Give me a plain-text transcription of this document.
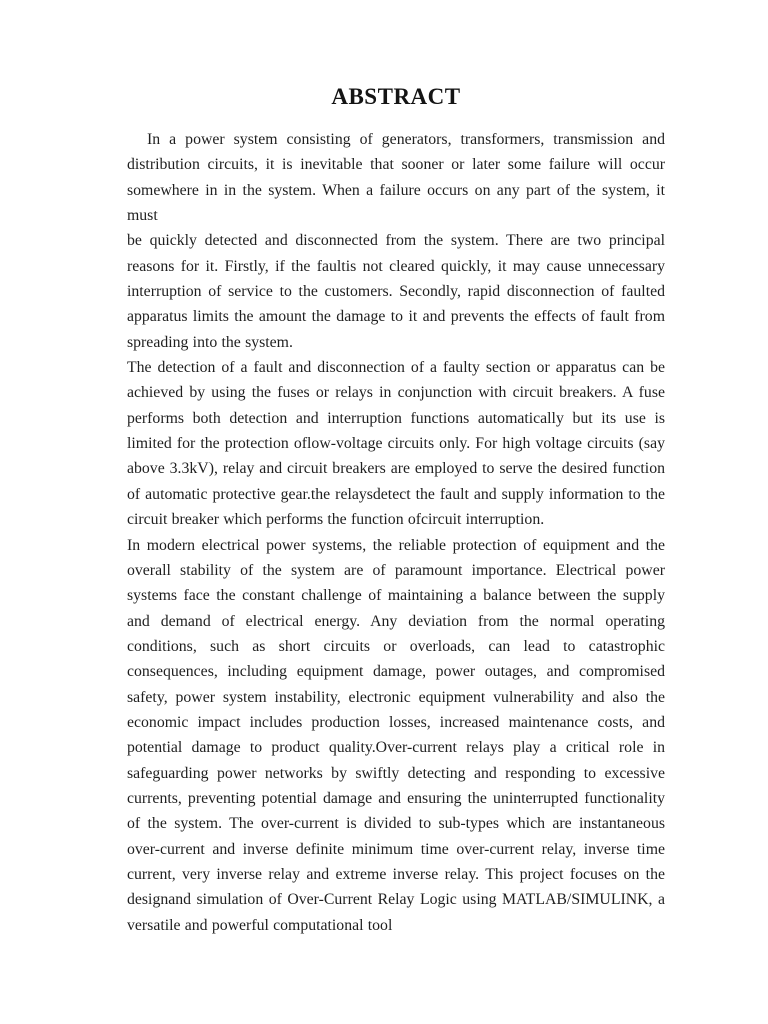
ABSTRACT
In a power system consisting of generators, transformers, transmission and
distribution circuits, it is inevitable that sooner or later some failure will occur
somewhere in in the system. When a failure occurs on any part of the system, it must
be quickly detected and disconnected from the system. There are two principal
reasons for it. Firstly, if the faultis not cleared quickly, it may cause unnecessary
interruption of service to the customers. Secondly, rapid disconnection of faulted
apparatus limits the amount the damage to it and prevents the effects of fault from
spreading into the system.
The detection of a fault and disconnection of a faulty section or apparatus can be
achieved by using the fuses or relays in conjunction with circuit breakers. A fuse
performs both detection and interruption functions automatically but its use is
limited for the protection oflow-voltage circuits only. For high voltage circuits (say
above 3.3kV), relay and circuit breakers are employed to serve the desired function
of automatic protective gear.the relaysdetect the fault and supply information to the
circuit breaker which performs the function ofcircuit interruption.
In modern electrical power systems, the reliable protection of equipment and the
overall stability of the system are of paramount importance. Electrical power
systems face the constant challenge of maintaining a balance between the supply
and demand of electrical energy. Any deviation from the normal operating
conditions, such as short circuits or overloads, can lead to catastrophic
consequences, including equipment damage, power outages, and compromised
safety, power system instability, electronic equipment vulnerability and also the
economic impact includes production losses, increased maintenance costs, and
potential damage to product quality.Over-current relays play a critical role in
safeguarding power networks by swiftly detecting and responding to excessive
currents, preventing potential damage and ensuring the uninterrupted functionality
of the system. The over-current is divided to sub-types which are instantaneous
over-current and inverse definite minimum time over-current relay, inverse time
current, very inverse relay and extreme inverse relay. This project focuses on the
designand simulation of Over-Current Relay Logic using MATLAB/SIMULINK, a
versatile and powerful computational tool
